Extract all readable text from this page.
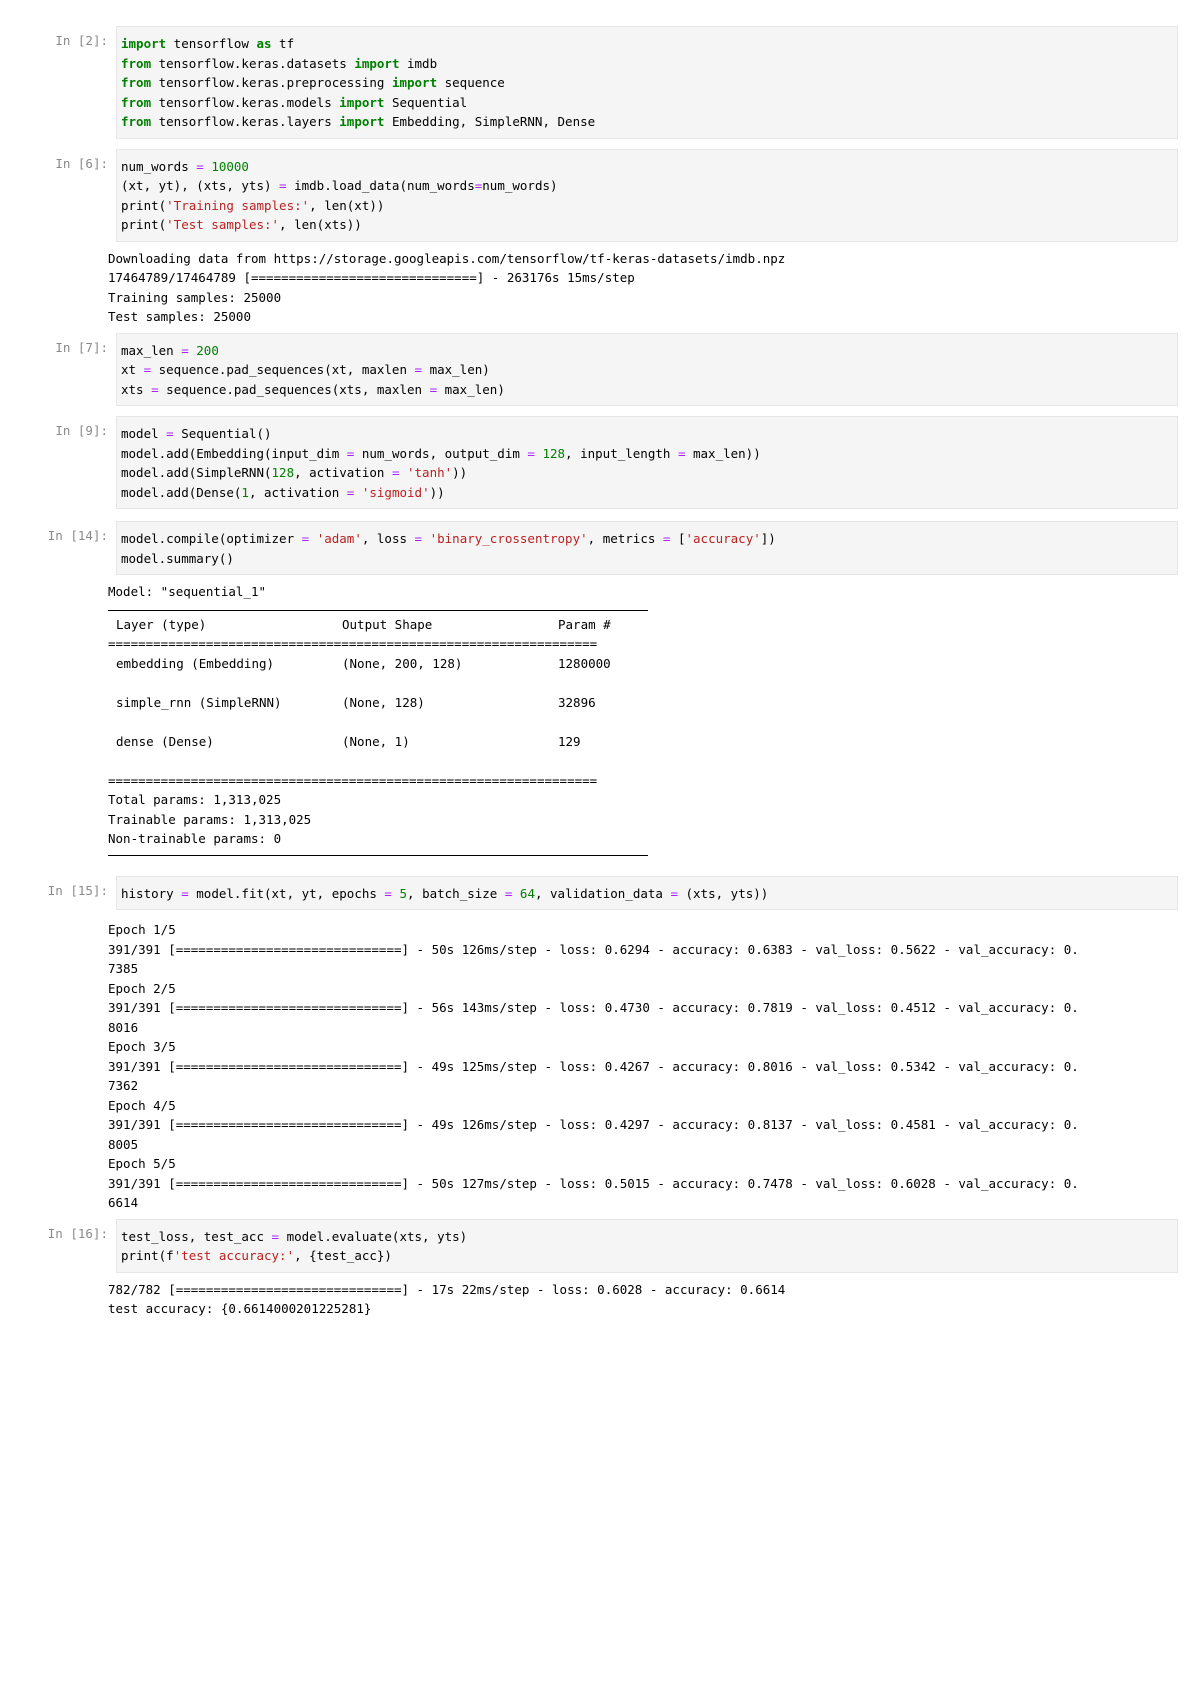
In [2]: import tensorflow as tf
from tensorflow.keras.datasets import imdb
from tensorflow.keras.preprocessing import sequence
from tensorflow.keras.models import Sequential
from tensorflow.keras.layers import Embedding, SimpleRNN, Dense
In [6]: num_words = 10000
(xt, yt), (xts, yts) = imdb.load_data(num_words=num_words)
print('Training samples:', len(xt))
print('Test samples:', len(xts))
Downloading data from https://storage.googleapis.com/tensorflow/tf-keras-datasets/imdb.npz
17464789/17464789 [==============================] - 263176s 15ms/step
Training samples: 25000
Test samples: 25000
In [7]: max_len = 200
xt = sequence.pad_sequences(xt, maxlen = max_len)
xts = sequence.pad_sequences(xts, maxlen = max_len)
In [9]: model = Sequential()
model.add(Embedding(input_dim = num_words, output_dim = 128, input_length = max_len))
model.add(SimpleRNN(128, activation = 'tanh'))
model.add(Dense(1, activation = 'sigmoid'))
In [14]: model.compile(optimizer = 'adam', loss = 'binary_crossentropy', metrics = ['accuracy'])
model.summary()
Model: "sequential_1"
Layer (type)	Output Shape	Param #
=================================================================
embedding (Embedding)	(None, 200, 128)	1280000
simple_rnn (SimpleRNN)	(None, 128)	32896
dense (Dense)	(None, 1)	129
=================================================================
Total params: 1,313,025
Trainable params: 1,313,025
Non-trainable params: 0
In [15]: history = model.fit(xt, yt, epochs = 5, batch_size = 64, validation_data = (xts, yts))
Epoch 1/5
391/391 [==============================] - 50s 126ms/step - loss: 0.6294 - accuracy: 0.6383 - val_loss: 0.5622 - val_accuracy: 0.
7385
Epoch 2/5
391/391 [==============================] - 56s 143ms/step - loss: 0.4730 - accuracy: 0.7819 - val_loss: 0.4512 - val_accuracy: 0.
8016
Epoch 3/5
391/391 [==============================] - 49s 125ms/step - loss: 0.4267 - accuracy: 0.8016 - val_loss: 0.5342 - val_accuracy: 0.
7362
Epoch 4/5
391/391 [==============================] - 49s 126ms/step - loss: 0.4297 - accuracy: 0.8137 - val_loss: 0.4581 - val_accuracy: 0.
8005
Epoch 5/5
391/391 [==============================] - 50s 127ms/step - loss: 0.5015 - accuracy: 0.7478 - val_loss: 0.6028 - val_accuracy: 0.
6614
In [16]: test_loss, test_acc = model.evaluate(xts, yts)
print(f'test accuracy:', {test_acc})
782/782 [==============================] - 17s 22ms/step - loss: 0.6028 - accuracy: 0.6614
test accuracy: {0.6614000201225281}
